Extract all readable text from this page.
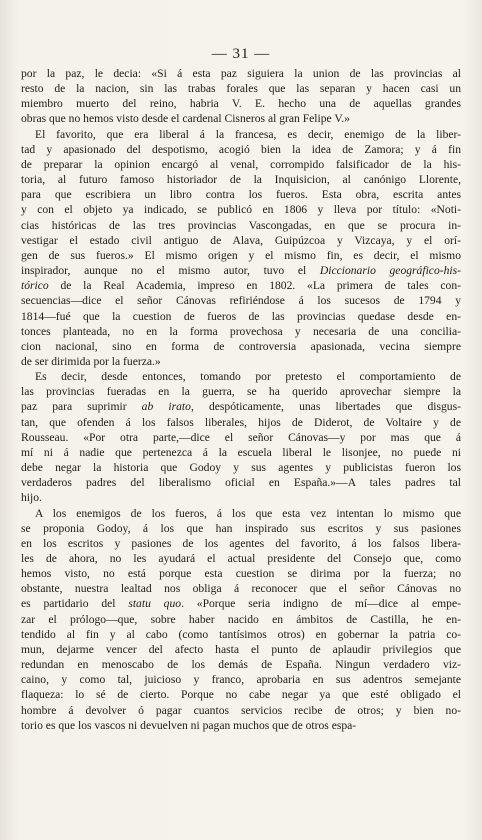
— 31 —
por la paz, le decia: «Si á esta paz siguiera la union de las provincias al
resto de la nacion, sin las trabas forales que las separan y hacen casi un
miembro muerto del reino, habria V. E. hecho una de aquellas grandes
obras que no hemos visto desde el cardenal Cisneros al gran Felipe V.»
El favorito, que era liberal á la francesa, es decir, enemigo de la liber-
tad y apasionado del despotismo, acogió bien la idea de Zamora; y á fin
de preparar la opinion encargó al venal, corrompido falsificador de la his-
toria, al futuro famoso historiador de la Inquisicion, al canónigo Llorente,
para que escribiera un libro contra los fueros. Esta obra, escrita antes
y con el objeto ya indicado, se publicó en 1806 y lleva por título: «Noti-
cias históricas de las tres provincias Vascongadas, en que se procura in-
vestigar el estado civil antiguo de Alava, Guipúzcoa y Vizcaya, y el orí-
gen de sus fueros.» El mismo origen y el mismo fin, es decir, el mismo
inspirador, aunque no el mismo autor, tuvo el Diccionario geográfico-his-
tórico de la Real Academia, impreso en 1802. «La primera de tales con-
secuencias—dice el señor Cánovas refiriéndose á los sucesos de 1794 y
1814—fué que la cuestion de fueros de las provincias quedase desde en-
tonces planteada, no en la forma provechosa y necesaria de una concilia-
cion nacional, sino en forma de controversia apasionada, vecina siempre
de ser dirimida por la fuerza.»
Es decir, desde entonces, tomando por pretesto el comportamiento de
las provincias fueradas en la guerra, se ha querido aprovechar siempre la
paz para suprimir ab irato, despóticamente, unas libertades que disgus-
tan, que ofenden á los falsos liberales, hijos de Diderot, de Voltaire y de
Rousseau. «Por otra parte,—dice el señor Cánovas—y por mas que á
mí ni á nadie que pertenezca á la escuela liberal le lisonjee, no puede ni
debe negar la historia que Godoy y sus agentes y publicistas fueron los
verdaderos padres del liberalismo oficial en España.»—A tales padres tal
hijo.
A los enemigos de los fueros, á los que esta vez intentan lo mismo que
se proponia Godoy, á los que han inspirado sus escritos y sus pasiones
en los escritos y pasiones de los agentes del favorito, á los falsos libera-
les de ahora, no les ayudará el actual presidente del Consejo que, como
hemos visto, no está porque esta cuestion se dirima por la fuerza; no
obstante, nuestra lealtad nos obliga á reconocer que el señor Cánovas no
es partidario del statu quo. «Porque seria indigno de mí—dice al empe-
zar el prólogo—que, sobre haber nacido en ámbitos de Castilla, he en-
tendido al fin y al cabo (como tantísimos otros) en gobernar la patria co-
mun, dejarme vencer del afecto hasta el punto de aplaudir privilegios que
redundan en menoscabo de los demás de España. Ningun verdadero viz-
caino, y como tal, juicioso y franco, aprobaria en sus adentros semejante
flaqueza: lo sé de cierto. Porque no cabe negar ya que esté obligado el
hombre á devolver ó pagar cuantos servicios recibe de otros; y bien no-
torio es que los vascos ni devuelven ni pagan muchos que de otros espa-
